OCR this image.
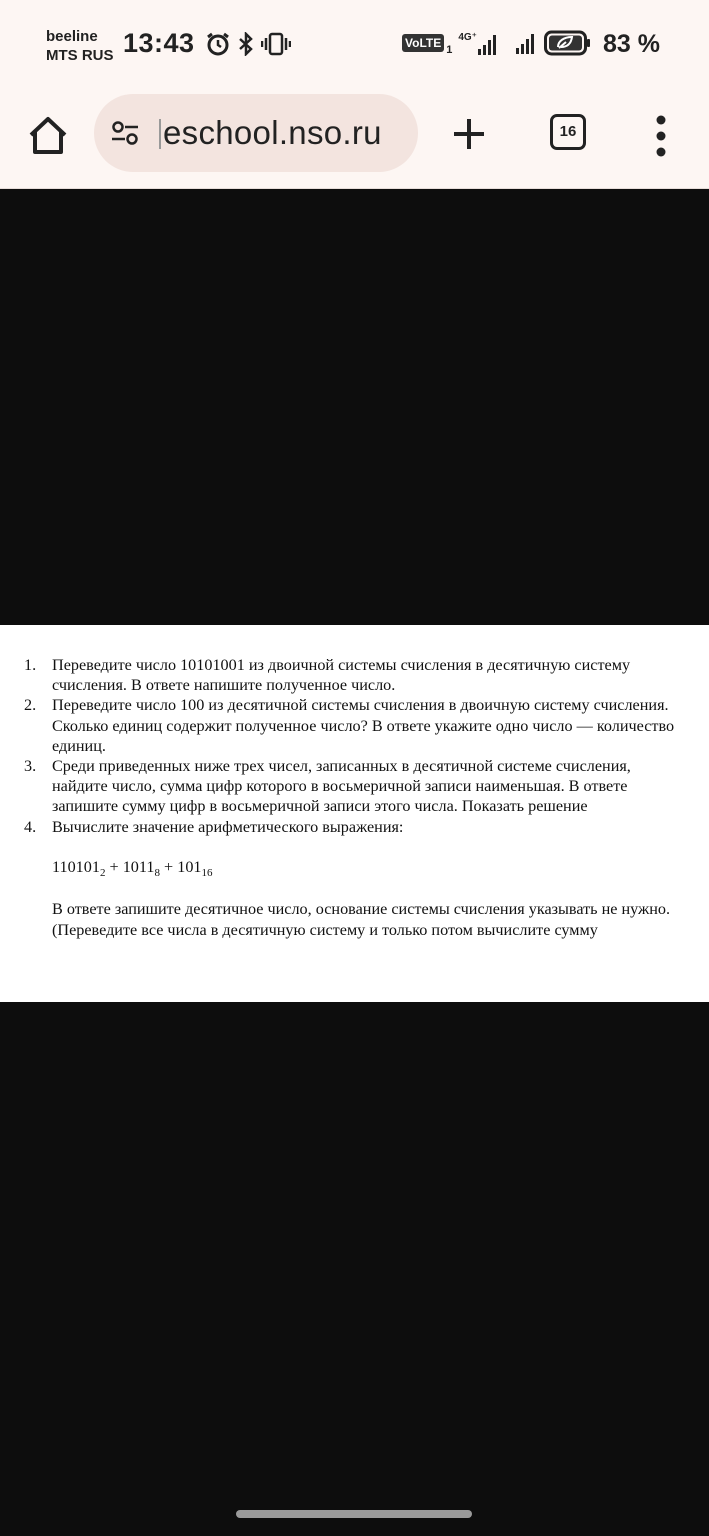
beeline
MTS RUS 13:43	VoLTE 1
4G⁺	83 %
eschool.nso.ru	16
1. Переведите число 10101001 из двоичной системы счисления в десятичную систему счисления. В ответе напишите полученное число.
2. Переведите число 100 из десятичной системы счисления в двоичную систему счисления. Сколько единиц содержит полученное число? В ответе укажите одно число — количество единиц.
3. Среди приведенных ниже трех чисел, записанных в десятичной системе счисления, найдите число, сумма цифр которого в восьмеричной записи наименьшая. В ответе запишите сумму цифр в восьмеричной записи этого числа. Показать решение
4. Вычислите значение арифметического выражения:
$110101_2 + 1011_8 + 101_{16}$
В ответе запишите десятичное число, основание системы счисления указывать не нужно. (Переведите все числа в десятичную систему и только потом вычислите сумму
